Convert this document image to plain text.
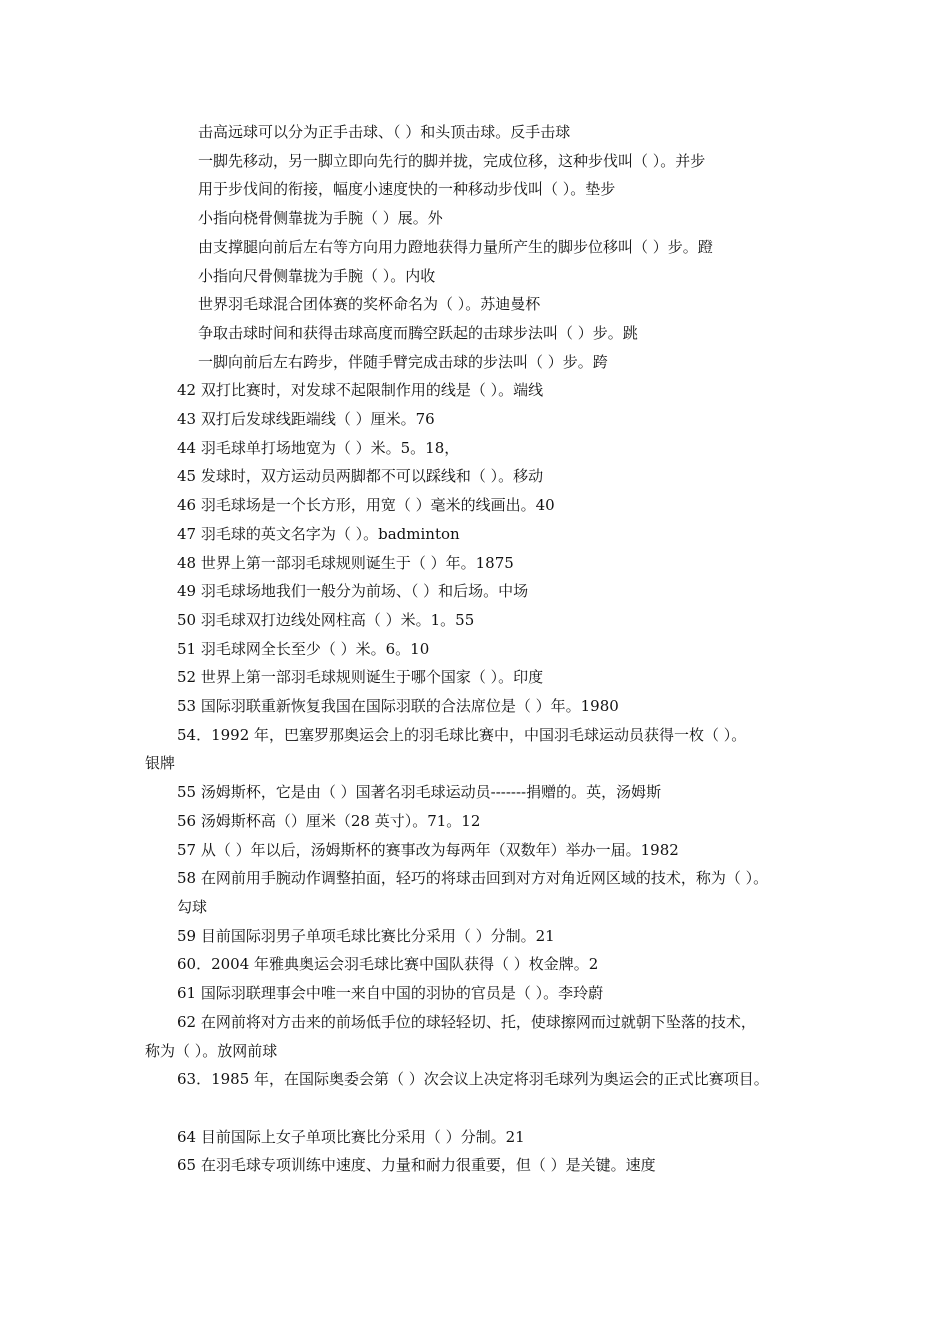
击高远球可以分为正手击球、（ ）和头顶击球。反手击球
一脚先移动，另一脚立即向先行的脚并拢，完成位移，这种步伐叫（ ）。并步
用于步伐间的衔接，幅度小速度快的一种移动步伐叫（ ）。垫步
小指向桡骨侧靠拢为手腕（ ）展。外
由支撑腿向前后左右等方向用力蹬地获得力量所产生的脚步位移叫（ ）步。蹬
小指向尺骨侧靠拢为手腕（ ）。内收
世界羽毛球混合团体赛的奖杯命名为（ ）。苏迪曼杯
争取击球时间和获得击球高度而腾空跃起的击球步法叫（ ）步。跳
一脚向前后左右跨步，伴随手臂完成击球的步法叫（ ）步。跨
42 双打比赛时，对发球不起限制作用的线是（ ）。端线
43 双打后发球线距端线（ ）厘米。76
44 羽毛球单打场地宽为（ ）米。5。18，
45 发球时，双方运动员两脚都不可以踩线和（ ）。移动
46 羽毛球场是一个长方形，用宽（ ）毫米的线画出。40
47 羽毛球的英文名字为（ ）。badminton
48 世界上第一部羽毛球规则诞生于（ ）年。1875
49 羽毛球场地我们一般分为前场、（ ）和后场。中场
50 羽毛球双打边线处网柱高（ ）米。1。55
51 羽毛球网全长至少（ ）米。6。10
52 世界上第一部羽毛球规则诞生于哪个国家（ ）。印度
53 国际羽联重新恢复我国在国际羽联的合法席位是（ ）年。1980
54．1992 年，巴塞罗那奥运会上的羽毛球比赛中，中国羽毛球运动员获得一枚（ ）。
银牌
55 汤姆斯杯，它是由（ ）国著名羽毛球运动员-------捐赠的。英，汤姆斯
56 汤姆斯杯高（）厘米（28 英寸）。71。12
57 从（ ）年以后，汤姆斯杯的赛事改为每两年（双数年）举办一届。1982
58 在网前用手腕动作调整拍面，轻巧的将球击回到对方对角近网区域的技术，称为（ ）。
勾球
59 目前国际羽男子单项毛球比赛比分采用（ ）分制。21
60．2004 年雅典奥运会羽毛球比赛中国队获得（ ）枚金牌。2
61 国际羽联理事会中唯一来自中国的羽协的官员是（ ）。李玲蔚
62 在网前将对方击来的前场低手位的球轻轻切、托，使球擦网而过就朝下坠落的技术，
称为（ ）。放网前球
63．1985 年，在国际奥委会第（ ）次会议上决定将羽毛球列为奥运会的正式比赛项目。
64 目前国际上女子单项比赛比分采用（ ）分制。21
65 在羽毛球专项训练中速度、力量和耐力很重要，但（ ）是关键。速度
